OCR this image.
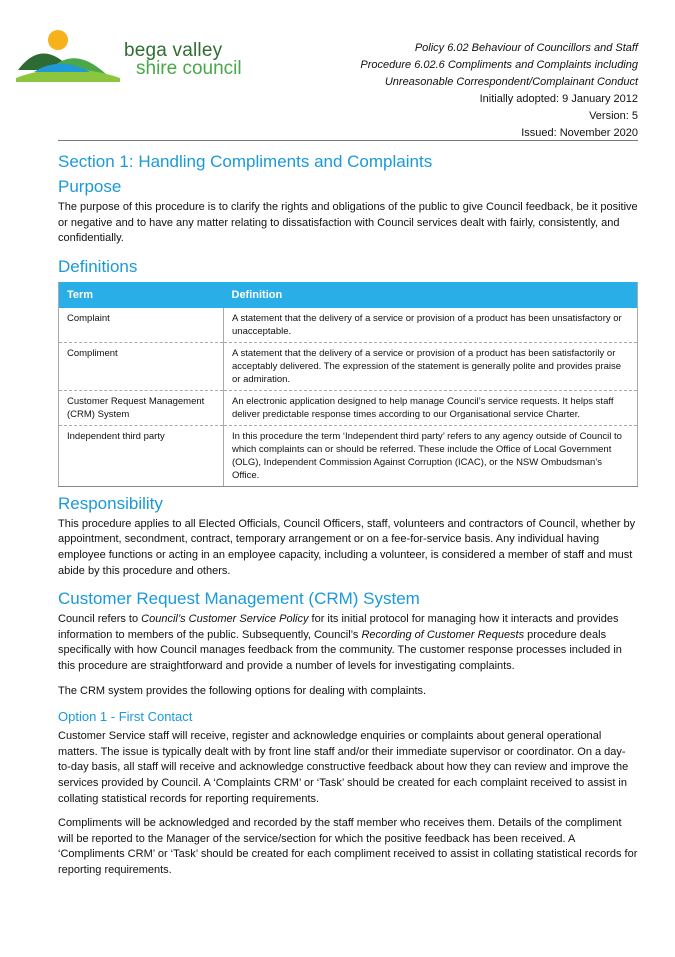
bega valley
shire council
Policy 6.02 Behaviour of Councillors and Staff
Procedure 6.02.6 Compliments and Complaints including
Unreasonable Correspondent/Complainant Conduct
Initially adopted: 9 January 2012
Version: 5
Issued: November 2020
Section 1: Handling Compliments and Complaints
Purpose

The purpose of this procedure is to clarify the rights and obligations of the public to give Council feedback, be it positive or negative and to have any matter relating to dissatisfaction with Council services dealt with fairly, consistently, and confidentially.

Definitions
Term	Definition
Complaint	A statement that the delivery of a service or provision of a product has been unsatisfactory or unacceptable.
Compliment	A statement that the delivery of a service or provision of a product has been satisfactorily or acceptably delivered. The expression of the statement is generally polite and provides praise or admiration.
Customer Request Management (CRM) System	An electronic application designed to help manage Council’s service requests. It helps staff deliver predictable response times according to our Organisational service Charter.
Independent third party	In this procedure the term ‘Independent third party’ refers to any agency outside of Council to which complaints can or should be referred. These include the Office of Local Government (OLG), Independent Commission Against Corruption (ICAC), or the NSW Ombudsman’s Office.
Responsibility

This procedure applies to all Elected Officials, Council Officers, staff, volunteers and contractors of Council, whether by appointment, secondment, contract, temporary arrangement or on a fee-for-service basis. Any individual having employee functions or acting in an employee capacity, including a volunteer, is considered a member of staff and must abide by this procedure and others.

Customer Request Management (CRM) System

Council refers to Council’s Customer Service Policy for its initial protocol for managing how it interacts and provides information to members of the public. Subsequently, Council’s Recording of Customer Requests procedure deals specifically with how Council manages feedback from the community. The customer response processes included in this procedure are straightforward and provide a number of levels for investigating complaints.

The CRM system provides the following options for dealing with complaints.

Option 1 - First Contact

Customer Service staff will receive, register and acknowledge enquiries or complaints about general operational matters. The issue is typically dealt with by front line staff and/or their immediate supervisor or coordinator. On a day-to-day basis, all staff will receive and acknowledge constructive feedback about how they can review and improve the services provided by Council. A ‘Complaints CRM’ or ‘Task’ should be created for each complaint received to assist in collating statistical records for reporting requirements.

Compliments will be acknowledged and recorded by the staff member who receives them. Details of the compliment will be reported to the Manager of the service/section for which the positive feedback has been received. A ‘Compliments CRM’ or ‘Task’ should be created for each compliment received to assist in collating statistical records for reporting requirements.
